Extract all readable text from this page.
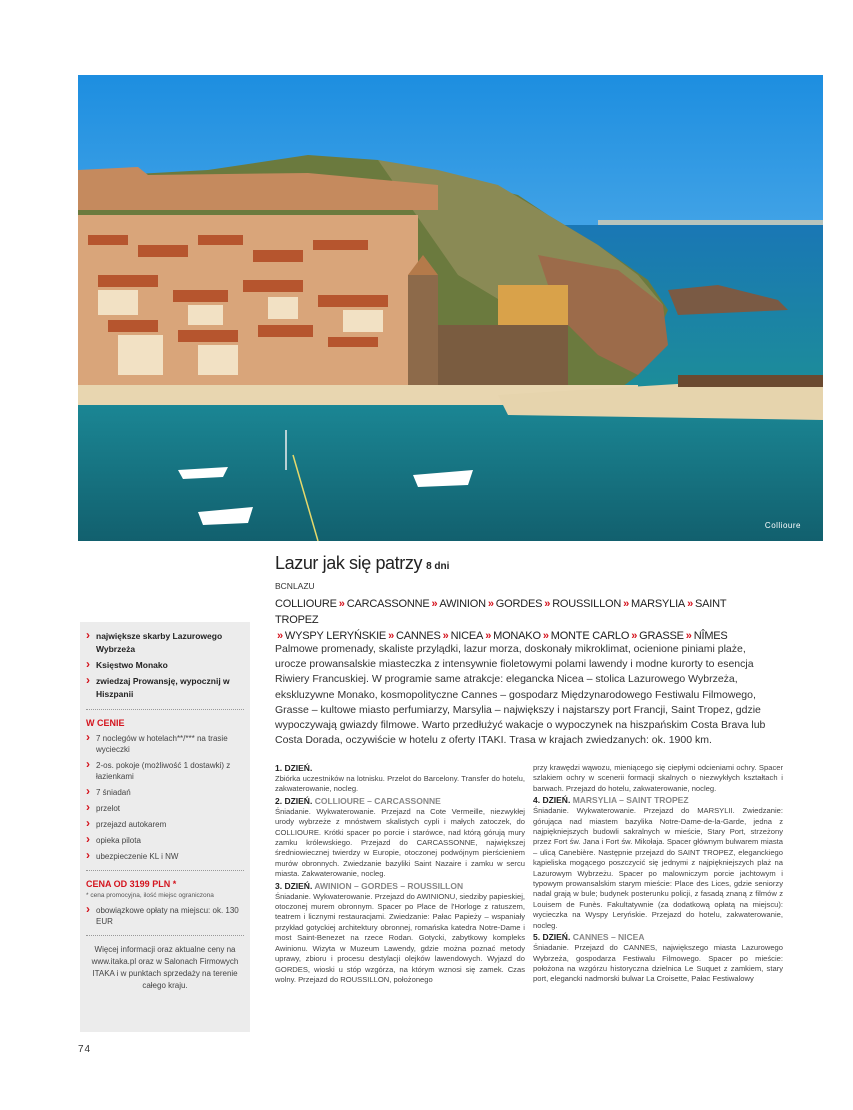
Collioure
Lazur jak się patrzy 8 dni
BCNLAZU
COLLIOURE » CARCASSONNE » AWINION » GORDES » ROUSSILLON » MARSYLIA » SAINT TROPEZ
» WYSPY LERYŃSKIE » CANNES » NICEA » MONAKO » MONTE CARLO » GRASSE » NÎMES

Palmowe promenady, skaliste przylądki, lazur morza, doskonały mikroklimat, ocienione piniami plaże, urocze prowansalskie miasteczka z intensywnie fioletowymi polami lawendy i modne kurorty to esencja Riwiery Francuskiej. W programie same atrakcje: elegancka Nicea – stolica Lazurowego Wybrzeża, ekskluzywne Monako, kosmopolityczne Cannes – gospodarz Międzynarodowego Festiwalu Filmowego, Grasse – kultowe miasto perfumiarzy, Marsylia – największy i najstarszy port Francji, Saint Tropez, gdzie wypoczywają gwiazdy filmowe. Warto przedłużyć wakacje o wypoczynek na hiszpańskim Costa Brava lub Costa Dorada, oczywiście w hotelu z oferty ITAKI. Trasa w krajach zwiedzanych: ok. 1900 km.

› największe skarby Lazurowego Wybrzeża
› Księstwo Monako
› zwiedzaj Prowansję, wypocznij w Hiszpanii
W CENIE
› 7 noclegów w hotelach**/*** na trasie wycieczki
› 2-os. pokoje (możliwość 1 dostawki) z łazienkami
› 7 śniadań
› przelot
› przejazd autokarem
› opieka pilota
› ubezpieczenie KL i NW
CENA OD 3199 PLN *
* cena promocyjna, ilość miejsc ograniczona
› obowiązkowe opłaty na miejscu: ok. 130 EUR

Więcej informacji oraz aktualne ceny na www.itaka.pl oraz w Salonach Firmowych ITAKA i w punktach sprzedaży na terenie całego kraju.

1. DZIEŃ.

Zbiórka uczestników na lotnisku. Przelot do Barcelony. Transfer do hotelu, zakwaterowanie, nocleg.

2. DZIEŃ. COLLIOURE – CARCASSONNE

Śniadanie. Wykwaterowanie. Przejazd na Cote Vermeille, niezwykłej urody wybrzeże z mnóstwem skalistych cypli i małych zatoczek, do COLLIOURE. Krótki spacer po porcie i starówce, nad którą górują mury zamku królewskiego. Przejazd do CARCASSONNE, największej średniowiecznej twierdzy w Europie, otoczonej podwójnym pierścieniem murów obronnych. Zwiedzanie bazyliki Saint Nazaire i zamku w sercu miasta. Zakwaterowanie, nocleg.

3. DZIEŃ. AWINION – GORDES – ROUSSILLON

Śniadanie. Wykwaterowanie. Przejazd do AWINIONU, siedziby papieskiej, otoczonej murem obronnym. Spacer po Place de l'Horloge z ratuszem, teatrem i licznymi restauracjami. Zwiedzanie: Pałac Papieży – wspaniały przykład gotyckiej architektury obronnej, romańska katedra Notre-Dame i most Saint-Benezet na rzece Rodan. Gotycki, zabytkowy kompleks Awinionu. Wizyta w Muzeum Lawendy, gdzie można poznać metody uprawy, zbioru i procesu destylacji olejków lawendowych. Wyjazd do GORDES, wioski u stóp wzgórza, na którym wznosi się zamek. Czas wolny. Przejazd do ROUSSILLON, położonego

przy krawędzi wąwozu, mieniącego się ciepłymi odcieniami ochry. Spacer szlakiem ochry w scenerii formacji skalnych o niezwykłych kształtach i barwach. Przejazd do hotelu, zakwaterowanie, nocleg.

4. DZIEŃ. MARSYLIA – SAINT TROPEZ

Śniadanie. Wykwaterowanie. Przejazd do MARSYLII. Zwiedzanie: górująca nad miastem bazylika Notre-Dame-de-la-Garde, jedna z najpiękniejszych budowli sakralnych w mieście, Stary Port, strzeżony przez Fort św. Jana i Fort św. Mikołaja. Spacer głównym bulwarem miasta – ulicą Canebière. Następnie przejazd do SAINT TROPEZ, eleganckiego kąpieliska mogącego poszczycić się jednymi z najpiękniejszych plaż na Lazurowym Wybrzeżu. Spacer po malowniczym porcie jachtowym i typowym prowansalskim starym mieście: Place des Lices, gdzie seniorzy nadal grają w bule; budynek posterunku policji, z fasadą znaną z filmów z Louisem de Funès. Fakultatywnie (za dodatkową opłatą na miejscu): wycieczka na Wyspy Leryńskie. Przejazd do hotelu, zakwaterowanie, nocleg.

5. DZIEŃ. CANNES – NICEA

Śniadanie. Przejazd do CANNES, największego miasta Lazurowego Wybrzeża, gospodarza Festiwalu Filmowego. Spacer po mieście: położona na wzgórzu historyczna dzielnica Le Suquet z zamkiem, stary port, elegancki nadmorski bulwar La Croisette, Pałac Festiwalowy

74
